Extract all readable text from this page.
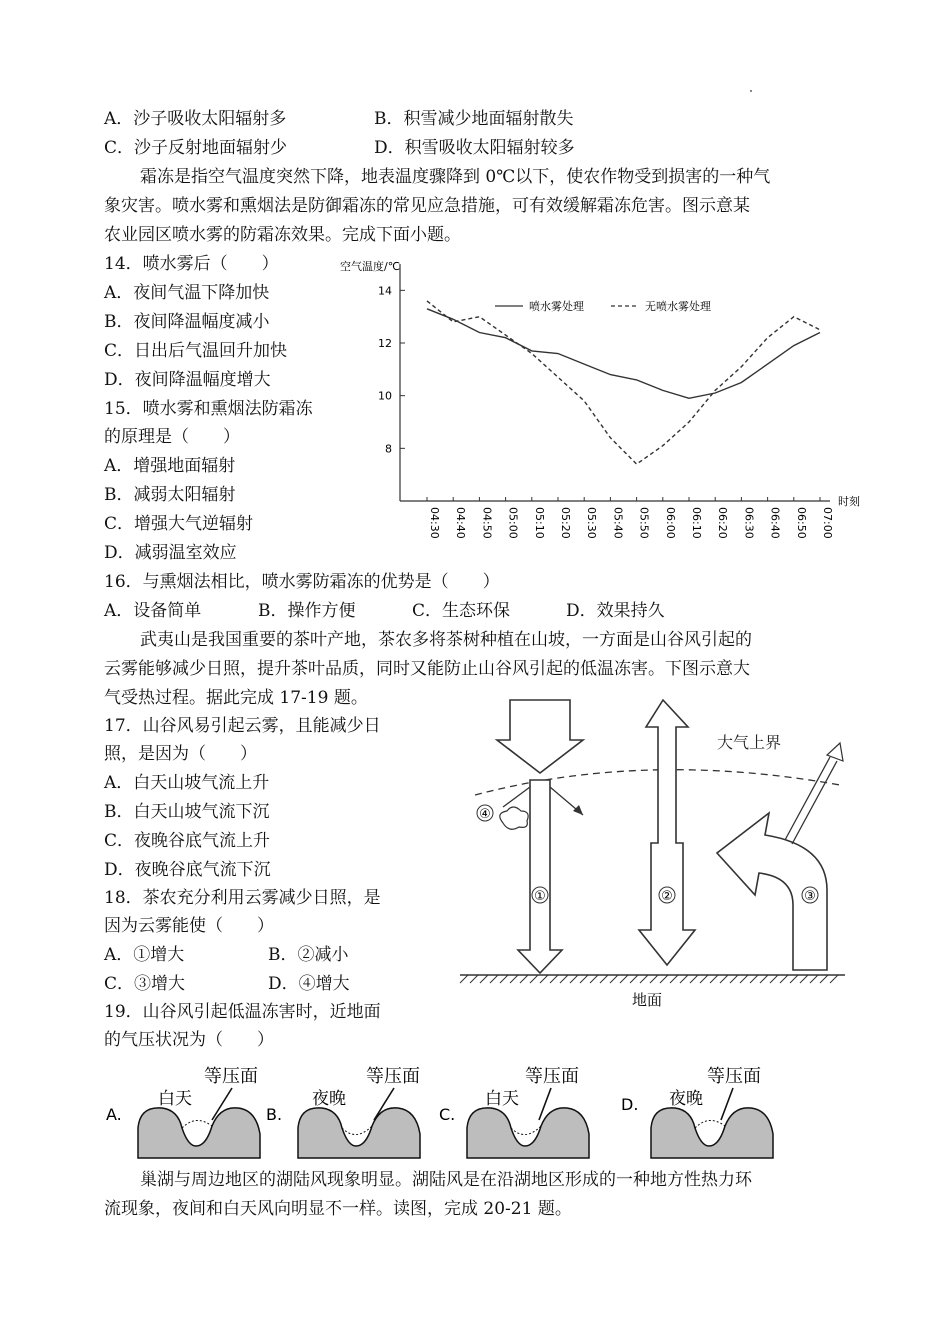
A．沙子吸收太阳辐射多	B．积雪减少地面辐射散失
C．沙子反射地面辐射少	D．积雪吸收太阳辐射较多
霜冻是指空气温度突然下降，地表温度骤降到 0℃以下，使农作物受到损害的一种气
象灾害。喷水雾和熏烟法是防御霜冻的常见应急措施，可有效缓解霜冻危害。图示意某
农业园区喷水雾的防霜冻效果。完成下面小题。
14．喷水雾后（　　）
A．夜间气温下降加快
B．夜间降温幅度减小
C．日出后气温回升加快
D．夜间降温幅度增大
15．喷水雾和熏烟法防霜冻
的原理是（　　）
A．增强地面辐射
B．减弱太阳辐射
C．增强大气逆辐射
D．减弱温室效应
空气温度/℃
时刻
喷水雾处理	无喷水雾处理
8
10
12
14
04:30 04:40 04:50 05:00 05:10 05:20 05:30 05:40 05:50 06:00 06:10 06:20 06:30 06:40 06:50 07:00
16．与熏烟法相比，喷水雾防霜冻的优势是（　　）
A．设备简单	B．操作方便	C．生态环保	D．效果持久
武夷山是我国重要的茶叶产地，茶农多将茶树种植在山坡，一方面是山谷风引起的
云雾能够减少日照，提升茶叶品质，同时又能防止山谷风引起的低温冻害。下图示意大
气受热过程。据此完成 17-19 题。
17．山谷风易引起云雾，且能减少日
照，是因为（　　）
A．白天山坡气流上升
B．白天山坡气流下沉
C．夜晚谷底气流上升
D．夜晚谷底气流下沉
18．茶农充分利用云雾减少日照，是
因为云雾能使（　　）
A．①增大	B．②减小
C．③增大	D．④增大
19．山谷风引起低温冻害时，近地面
的气压状况为（　　）
大气上界
④
①	②	③
地面
A.
等压面
白天
B.
等压面
夜晚
C.
等压面
白天	D.
等压面
夜晚
巢湖与周边地区的湖陆风现象明显。湖陆风是在沿湖地区形成的一种地方性热力环
流现象，夜间和白天风向明显不一样。读图，完成 20-21 题。
